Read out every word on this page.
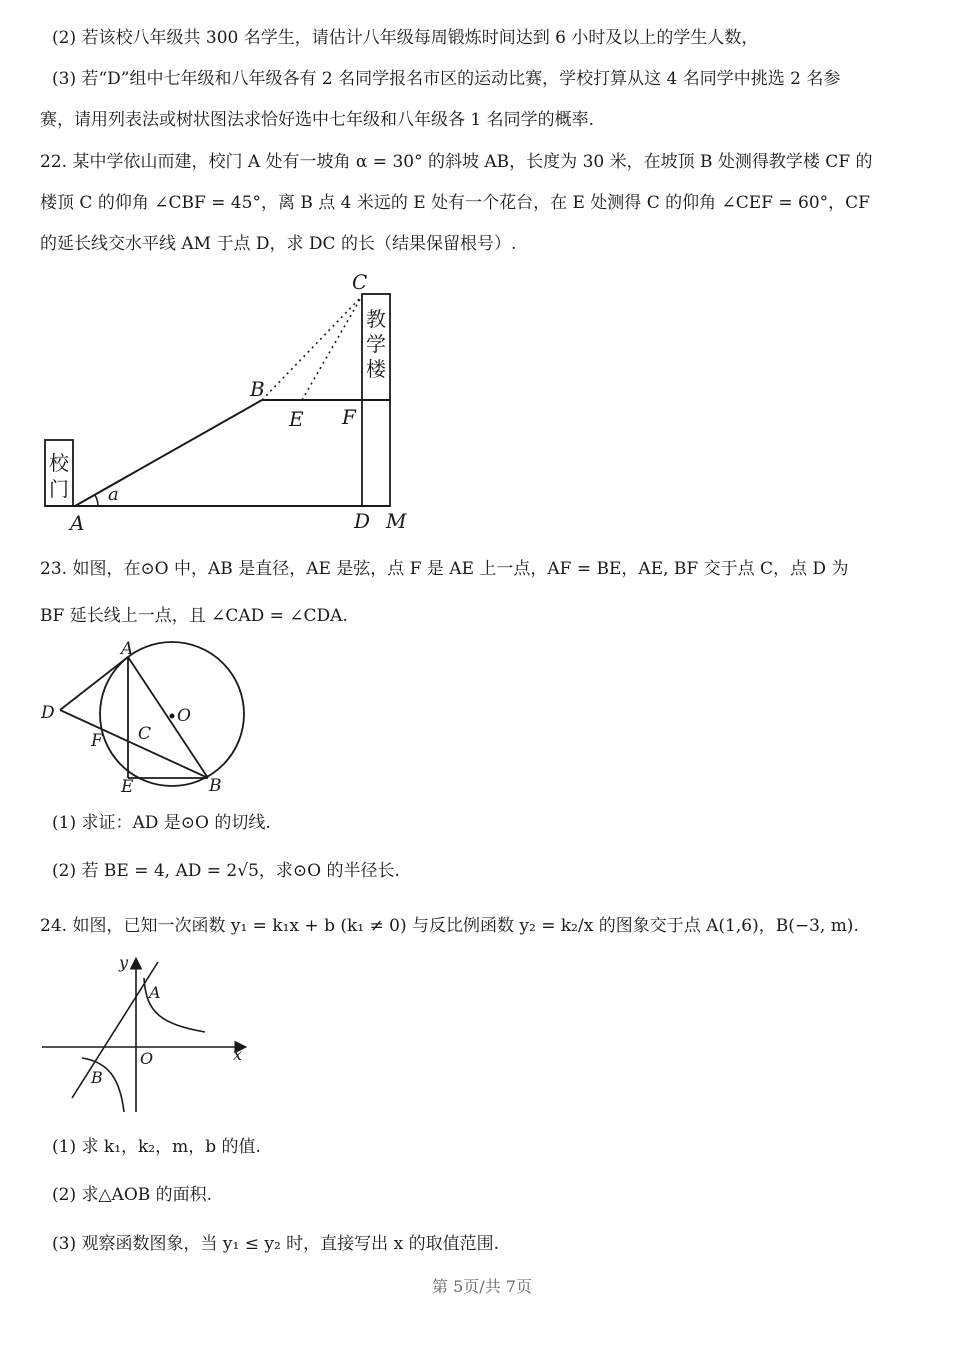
(2) 若该校八年级共 300 名学生，请估计八年级每周锻炼时间达到 6 小时及以上的学生人数，
(3) 若“D”组中七年级和八年级各有 2 名同学报名市区的运动比赛，学校打算从这 4 名同学中挑选 2 名参
赛，请用列表法或树状图法求恰好选中七年级和八年级各 1 名同学的概率.
22. 某中学依山而建，校门 A 处有一坡角 α = 30° 的斜坡 AB，长度为 30 米，在坡顶 B 处测得教学楼 CF 的
楼顶 C 的仰角 ∠CBF = 45°，离 B 点 4 米远的 E 处有一个花台，在 E 处测得 C 的仰角 ∠CEF = 60°，CF
的延长线交水平线 AM 于点 D，求 DC 的长（结果保留根号）.
校
门
教
学
楼
C
B
E F
a
A	D M
23. 如图，在⊙O 中，AB 是直径，AE 是弦，点 F 是 AE 上一点，AF = BE，AE, BF 交于点 C，点 D 为
BF 延长线上一点，且 ∠CAD = ∠CDA.
A
D	O
C
F
E	B
(1) 求证：AD 是⊙O 的切线.
(2) 若 BE = 4, AD = 2√5，求⊙O 的半径长.
24. 如图，已知一次函数 y₁ = k₁x + b (k₁ ≠ 0) 与反比例函数 y₂ = k₂/x 的图象交于点 A(1,6)，B(−3, m).
y
A
O	x
B
(1) 求 k₁，k₂，m，b 的值.
(2) 求△AOB 的面积.
(3) 观察函数图象，当 y₁ ≤ y₂ 时，直接写出 x 的取值范围.
第 5页/共 7页
